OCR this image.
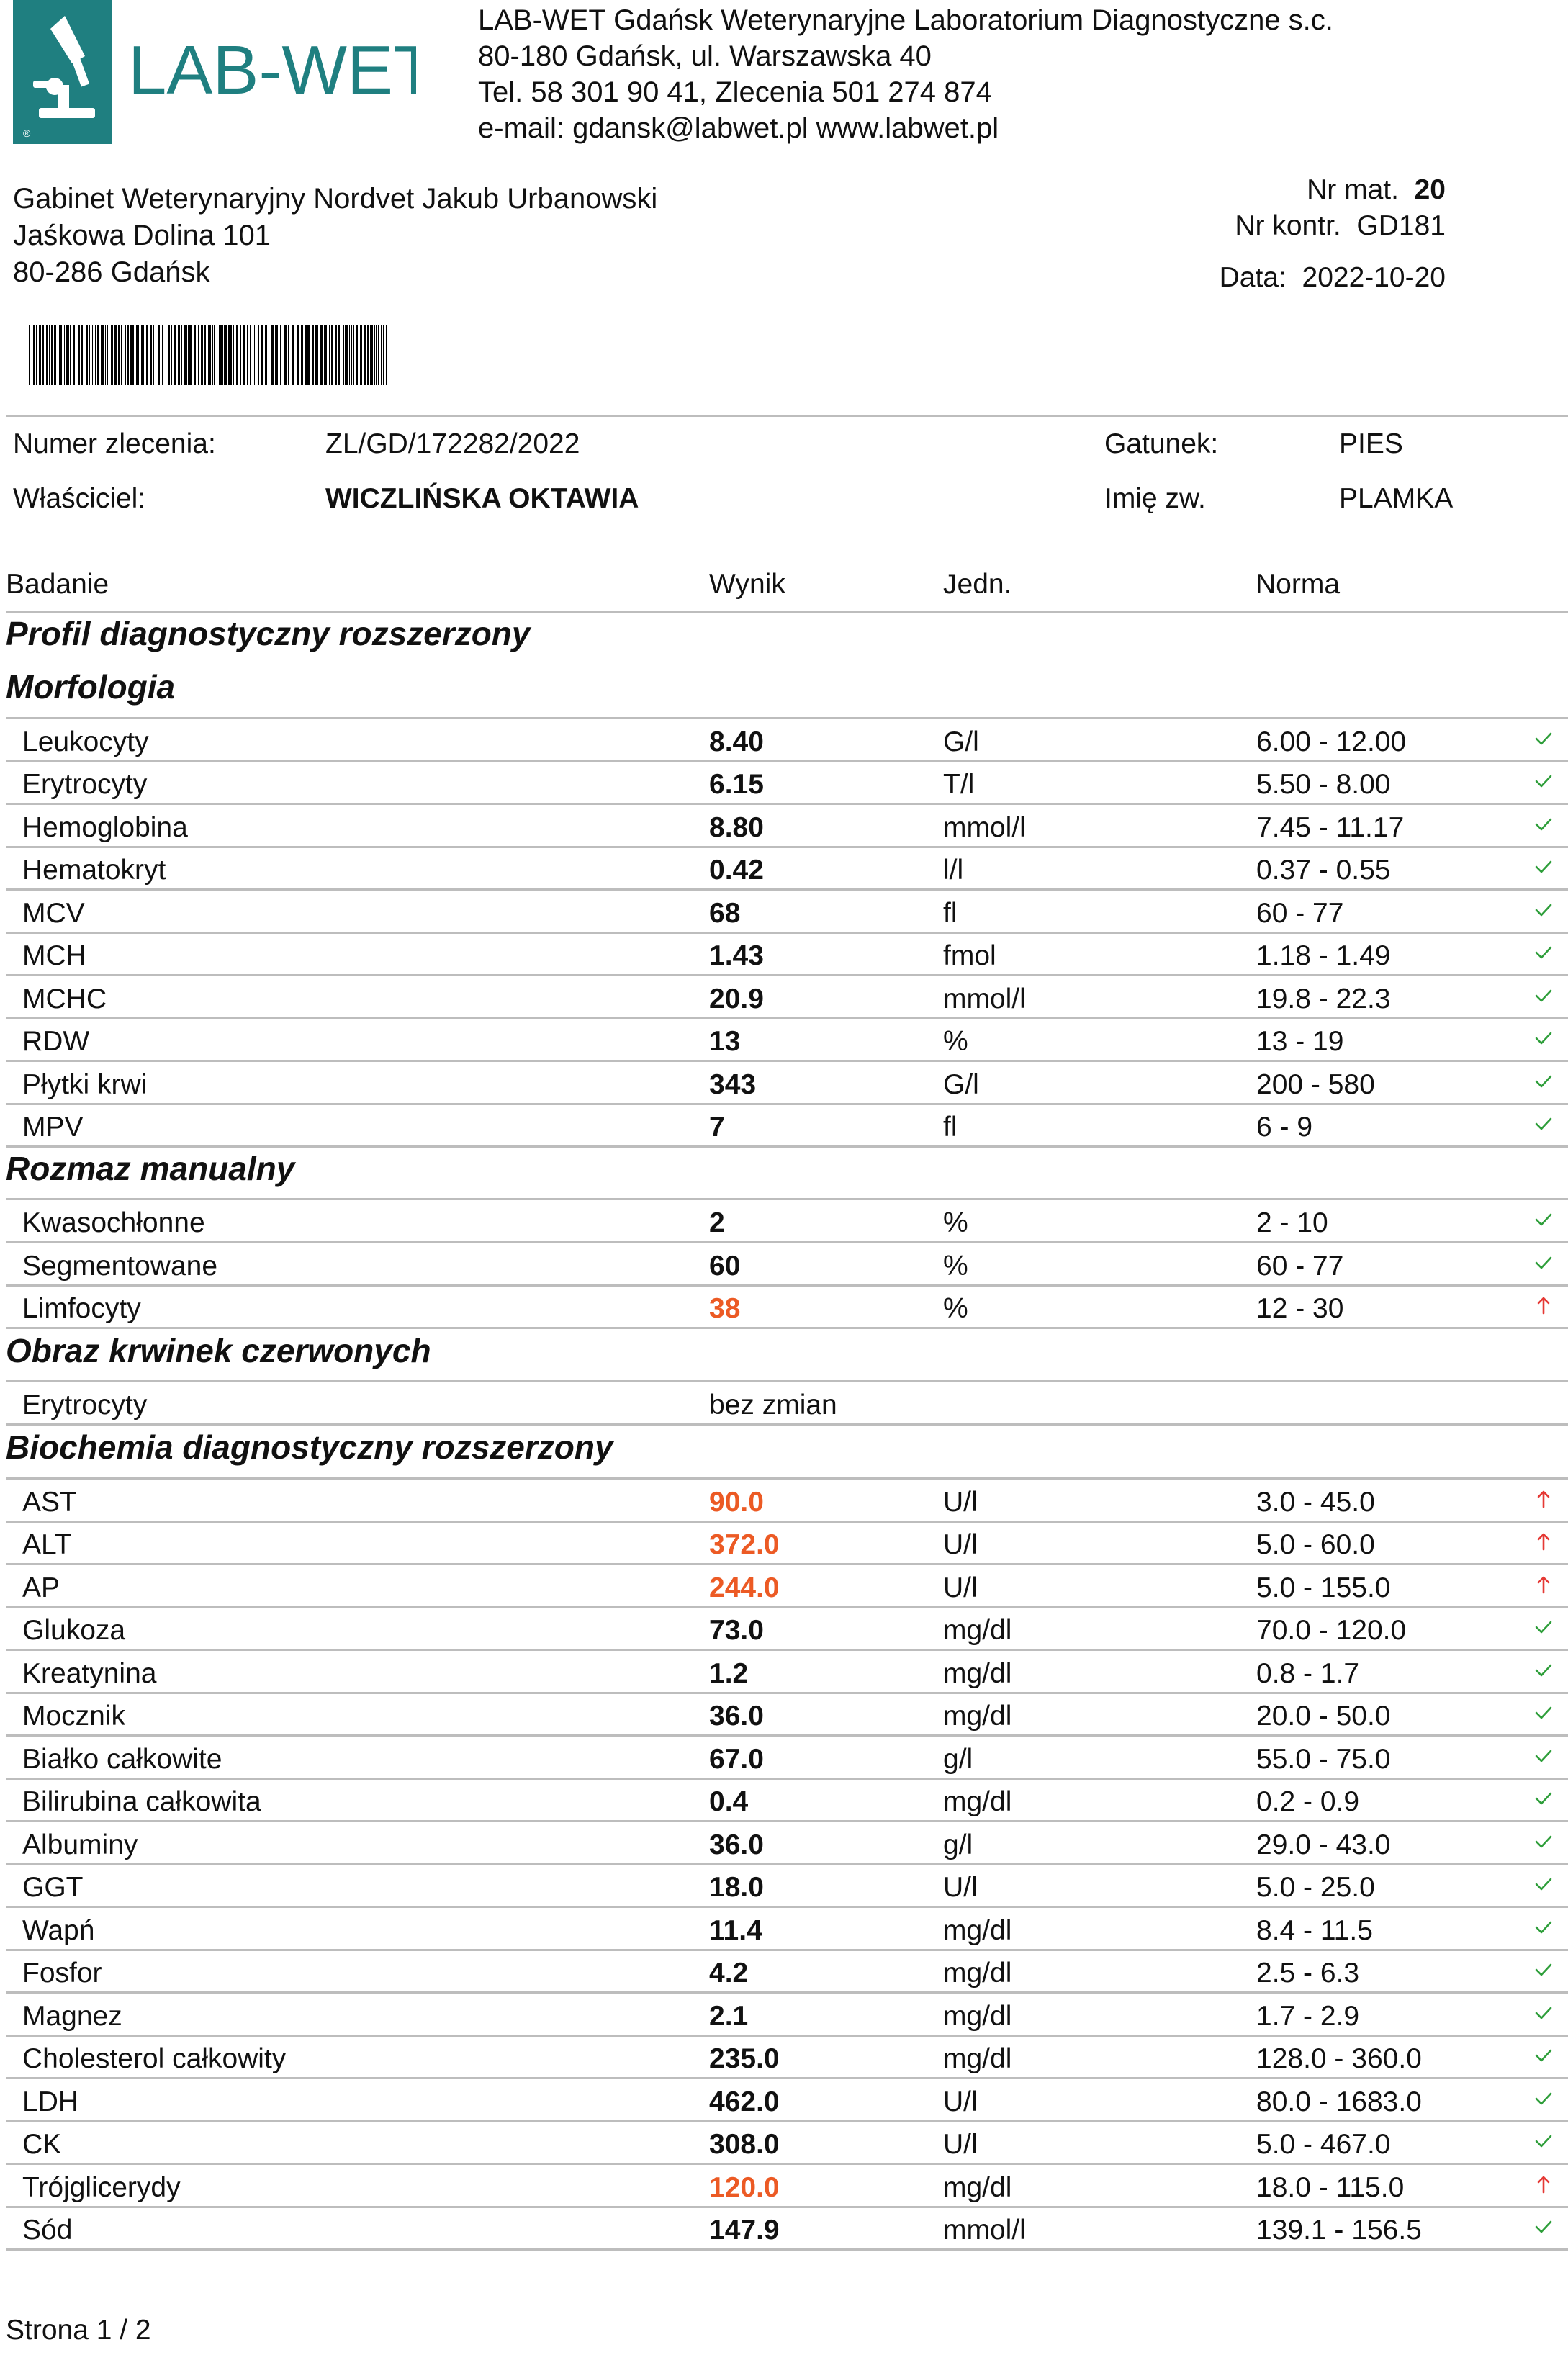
®
LAB-WET
LAB-WET Gdańsk Weterynaryjne Laboratorium Diagnostyczne s.c.
80-180 Gdańsk, ul. Warszawska 40
Tel. 58 301 90 41, Zlecenia 501 274 874
e-mail: gdansk@labwet.pl www.labwet.pl
Gabinet Weterynaryjny Nordvet Jakub Urbanowski
Jaśkowa Dolina 101
80-286 Gdańsk
Nr mat. 20
Nr kontr. GD181
Data: 2022-10-20
Numer zlecenia:	ZL/GD/172282/2022	Gatunek:	PIES
Właściciel:	WICZLIŃSKA OKTAWIA	Imię zw.	PLAMKA
Badanie	Wynik	Jedn.	Norma
Profil diagnostyczny rozszerzony
Morfologia
Rozmaz manualny
Obraz krwinek czerwonych
Biochemia diagnostyczny rozszerzony
Leukocyty	8.40	G/l	6.00 - 12.00
Erytrocyty	6.15	T/l	5.50 - 8.00
Hemoglobina	8.80	mmol/l	7.45 - 11.17
Hematokryt	0.42	l/l	0.37 - 0.55
MCV	68	fl	60 - 77
MCH	1.43	fmol	1.18 - 1.49
MCHC	20.9	mmol/l	19.8 - 22.3
RDW	13	%	13 - 19
Płytki krwi	343	G/l	200 - 580
MPV	7	fl	6 - 9
Kwasochłonne	2	%	2 - 10
Segmentowane	60	%	60 - 77
Limfocyty	38	%	12 - 30
Erytrocyty	bez zmian
AST	90.0	U/l	3.0 - 45.0
ALT	372.0	U/l	5.0 - 60.0
AP	244.0	U/l	5.0 - 155.0
Glukoza	73.0	mg/dl	70.0 - 120.0
Kreatynina	1.2	mg/dl	0.8 - 1.7
Mocznik	36.0	mg/dl	20.0 - 50.0
Białko całkowite	67.0	g/l	55.0 - 75.0
Bilirubina całkowita	0.4	mg/dl	0.2 - 0.9
Albuminy	36.0	g/l	29.0 - 43.0
GGT	18.0	U/l	5.0 - 25.0
Wapń	11.4	mg/dl	8.4 - 11.5
Fosfor	4.2	mg/dl	2.5 - 6.3
Magnez	2.1	mg/dl	1.7 - 2.9
Cholesterol całkowity	235.0	mg/dl	128.0 - 360.0
LDH	462.0	U/l	80.0 - 1683.0
CK	308.0	U/l	5.0 - 467.0
Trójglicerydy	120.0	mg/dl	18.0 - 115.0
Sód	147.9	mmol/l	139.1 - 156.5
Strona 1 / 2
